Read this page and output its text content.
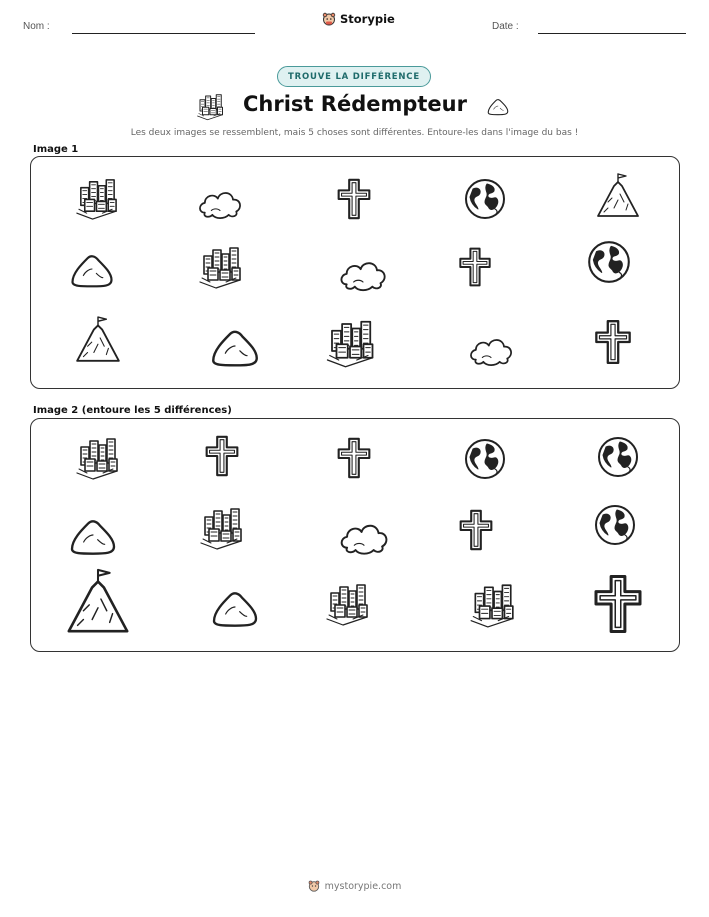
Nom :
Storypie
Date :
TROUVE LA DIFFÉRENCE
Christ Rédempteur
Les deux images se ressemblent, mais 5 choses sont différentes. Entoure-les dans l'image du bas !
Image 1
Image 2 (entoure les 5 différences)
mystorypie.com
